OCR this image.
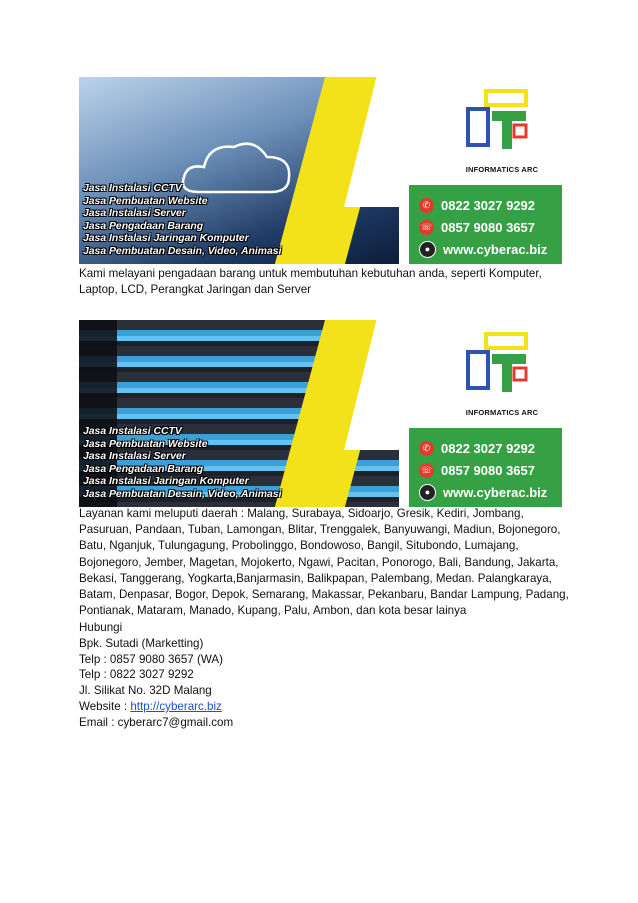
INFORMATICS ARC
✆ 0822 3027 9292
☏ 0857 9080 3657
● www.cyberac.biz
Jasa Instalasi CCTV
Jasa Pembuatan Website
Jasa Instalasi Server
Jasa Pengadaan Barang
Jasa Instalasi Jaringan Komputer
Jasa Pembuatan Desain, Video, Animasi

Kami melayani pengadaan barang untuk membutuhan kebutuhan anda, seperti Komputer, Laptop, LCD, Perangkat Jaringan dan Server

INFORMATICS ARC
✆ 0822 3027 9292
☏ 0857 9080 3657
● www.cyberac.biz
Jasa Instalasi CCTV
Jasa Pembuatan Website
Jasa Instalasi Server
Jasa Pengadaan Barang
Jasa Instalasi Jaringan Komputer
Jasa Pembuatan Desain, Video, Animasi

Layanan kami meluputi daerah : Malang, Surabaya, Sidoarjo, Gresik, Kediri, Jombang, Pasuruan, Pandaan, Tuban, Lamongan, Blitar, Trenggalek, Banyuwangi, Madiun, Bojonegoro, Batu, Nganjuk, Tulungagung, Probolinggo, Bondowoso, Bangil, Situbondo, Lumajang, Bojonegoro, Jember, Magetan, Mojokerto, Ngawi, Pacitan, Ponorogo, Bali, Bandung, Jakarta, Bekasi, Tanggerang, Yogkarta,Banjarmasin, Balikpapan, Palembang, Medan. Palangkaraya, Batam, Denpasar, Bogor, Depok, Semarang, Makassar, Pekanbaru, Bandar Lampung, Padang, Pontianak, Mataram, Manado, Kupang, Palu, Ambon, dan kota besar lainya

Hubungi
Bpk. Sutadi (Marketting)
Telp : 0857 9080 3657 (WA)
Telp : 0822 3027 9292
Jl. Silikat No. 32D Malang
Website : http://cyberarc.biz
Email : cyberarc7@gmail.com
